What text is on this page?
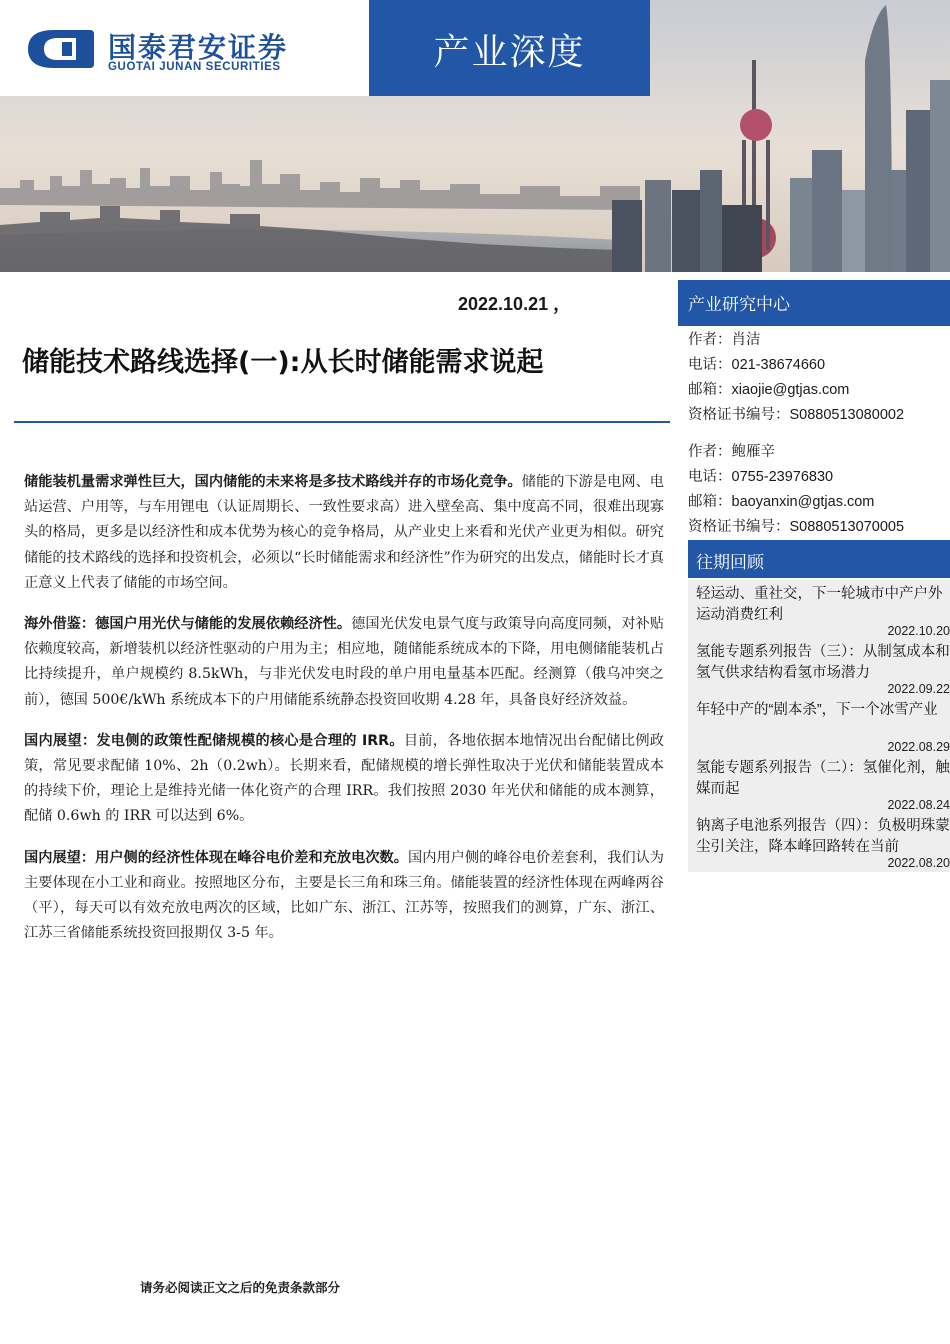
国泰君安证券
GUOTAI JUNAN SECURITIES	产业深度
2022.10.21 ，
储能技术路线选择(一):从长时储能需求说起

储能装机量需求弹性巨大，国内储能的未来将是多技术路线并存的市场化竞争。储能的下游是电网、电站运营、户用等，与车用锂电（认证周期长、一致性要求高）进入壁垒高、集中度高不同，很难出现寡头的格局，更多是以经济性和成本优势为核心的竞争格局，从产业史上来看和光伏产业更为相似。研究储能的技术路线的选择和投资机会，必须以“长时储能需求和经济性”作为研究的出发点，储能时长才真正意义上代表了储能的市场空间。

海外借鉴：德国户用光伏与储能的发展依赖经济性。德国光伏发电景气度与政策导向高度同频，对补贴依赖度较高，新增装机以经济性驱动的户用为主；相应地，随储能系统成本的下降，用电侧储能装机占比持续提升，单户规模约 8.5kWh，与非光伏发电时段的单户用电量基本匹配。经测算（俄乌冲突之前），德国 500€/kWh 系统成本下的户用储能系统静态投资回收期 4.28 年，具备良好经济效益。

国内展望：发电侧的政策性配储规模的核心是合理的 IRR。目前，各地依据本地情况出台配储比例政策，常见要求配储 10%、2h（0.2wh）。长期来看，配储规模的增长弹性取决于光伏和储能装置成本的持续下价，理论上是维持光储一体化资产的合理 IRR。我们按照 2030 年光伏和储能的成本测算，配储 0.6wh 的 IRR 可以达到 6%。

国内展望：用户侧的经济性体现在峰谷电价差和充放电次数。国内用户侧的峰谷电价差套利，我们认为主要体现在小工业和商业。按照地区分布，主要是长三角和珠三角。储能装置的经济性体现在两峰两谷（平），每天可以有效充放电两次的区域，比如广东、浙江、江苏等，按照我们的测算，广东、浙江、江苏三省储能系统投资回报期仅 3-5 年。

产业研究中心
作者：肖洁
电话：021-38674660
邮箱：xiaojie@gtjas.com
资格证书编号：S0880513080002
作者：鲍雁辛
电话：0755-23976830
邮箱：baoyanxin@gtjas.com
资格证书编号：S0880513070005
往期回顾
轻运动、重社交，下一轮城市中产户外运动消费红利
2022.10.20
氢能专题系列报告（三）：从制氢成本和氢气供求结构看氢市场潜力
2022.09.22
年轻中产的“剧本杀”，下一个冰雪产业
2022.08.29
氢能专题系列报告（二）：氢催化剂，触媒而起
2022.08.24
钠离子电池系列报告（四）：负极明珠蒙尘引关注，降本峰回路转在当前
2022.08.20
请务必阅读正文之后的免责条款部分
